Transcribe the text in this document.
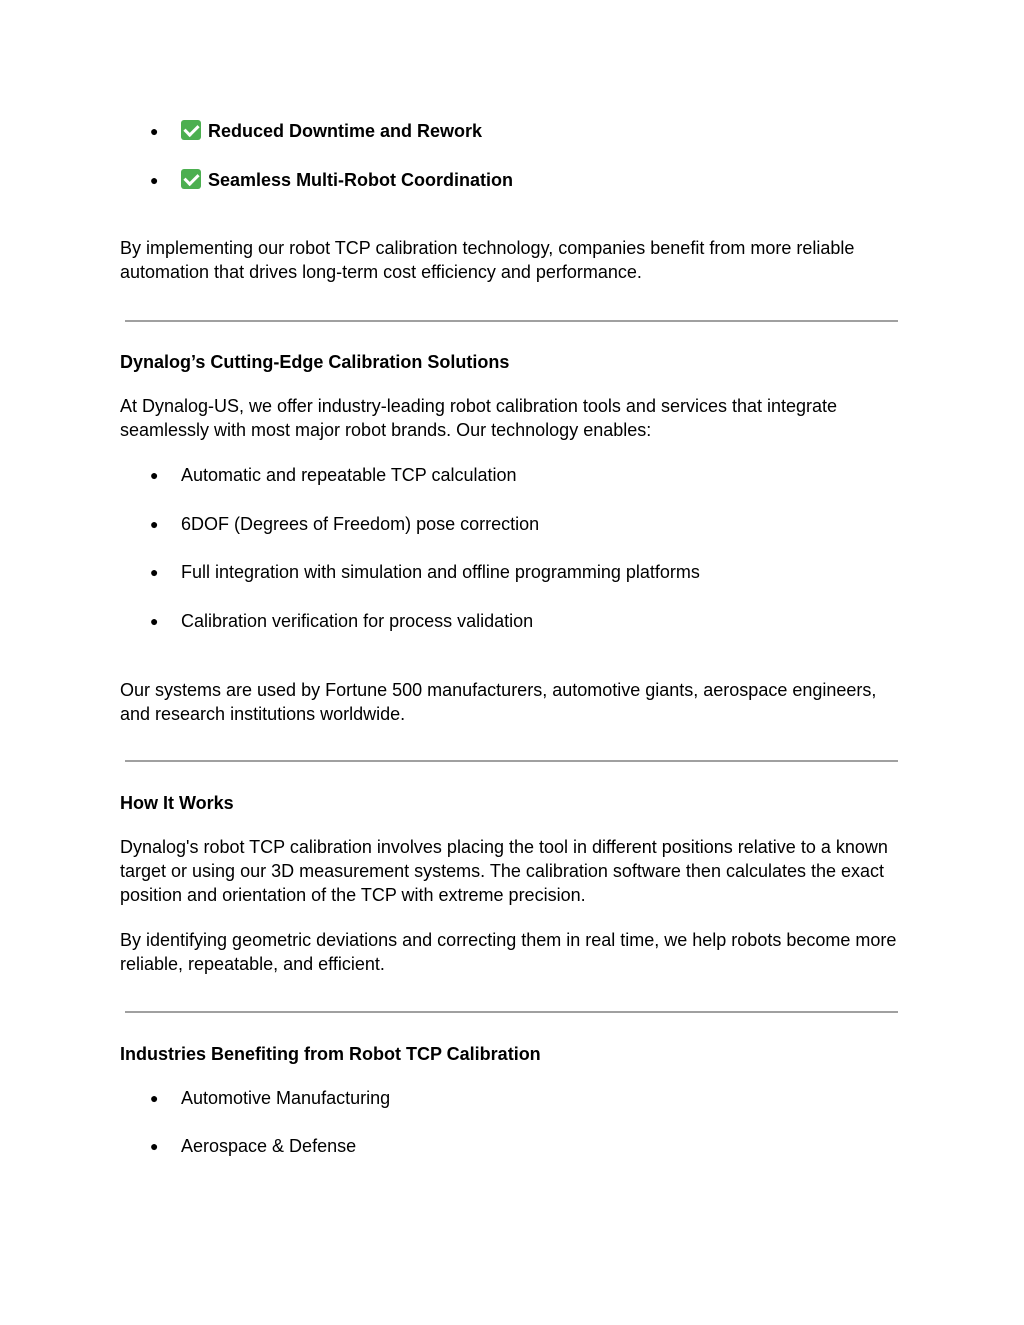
●	Reduced Downtime and Rework
●	Seamless Multi-Robot Coordination
By implementing our robot TCP calibration technology, companies benefit from more reliable automation that drives long-term cost efficiency and performance.
Dynalog’s Cutting-Edge Calibration Solutions
At Dynalog-US, we offer industry-leading robot calibration tools and services that integrate seamlessly with most major robot brands. Our technology enables:
●	Automatic and repeatable TCP calculation
●	6DOF (Degrees of Freedom) pose correction
●	Full integration with simulation and offline programming platforms
●	Calibration verification for process validation
Our systems are used by Fortune 500 manufacturers, automotive giants, aerospace engineers, and research institutions worldwide.
How It Works
Dynalog's robot TCP calibration involves placing the tool in different positions relative to a known target or using our 3D measurement systems. The calibration software then calculates the exact position and orientation of the TCP with extreme precision.
By identifying geometric deviations and correcting them in real time, we help robots become more reliable, repeatable, and efficient.
Industries Benefiting from Robot TCP Calibration
●	Automotive Manufacturing
●	Aerospace & Defense
